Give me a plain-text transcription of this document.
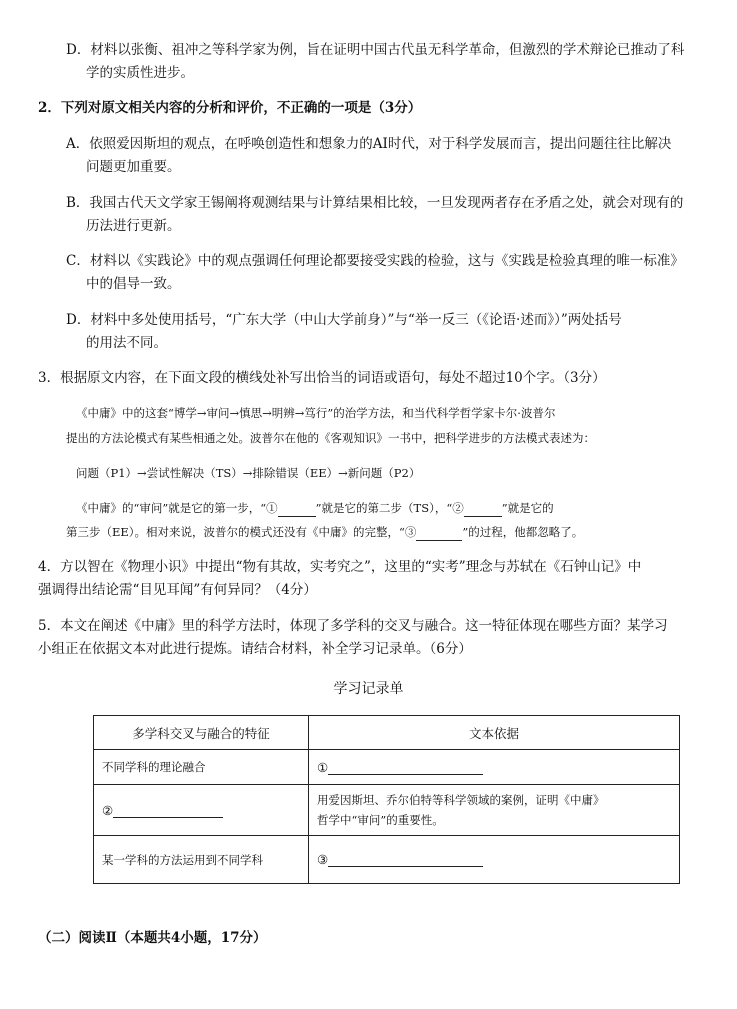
D．材料以张衡、祖冲之等科学家为例，旨在证明中国古代虽无科学革命，但激烈的学术辩论已推动了科
学的实质性进步。
2．下列对原文相关内容的分析和评价，不正确的一项是（3分）
A．依照爱因斯坦的观点，在呼唤创造性和想象力的AI时代，对于科学发展而言，提出问题往往比解决
问题更加重要。
B．我国古代天文学家王锡阐将观测结果与计算结果相比较，一旦发现两者存在矛盾之处，就会对现有的
历法进行更新。
C．材料以《实践论》中的观点强调任何理论都要接受实践的检验，这与《实践是检验真理的唯一标准》
中的倡导一致。
D．材料中多处使用括号，“广东大学（中山大学前身）”与“举一反三（《论语·述而》）”两处括号
的用法不同。
3．根据原文内容，在下面文段的横线处补写出恰当的词语或语句，每处不超过10个字。（3分）
《中庸》中的这套“博学→审问→慎思→明辨→笃行”的治学方法，和当代科学哲学家卡尔·波普尔
提出的方法论模式有某些相通之处。波普尔在他的《客观知识》一书中，把科学进步的方法模式表述为：
问题（P1）→尝试性解决（TS）→排除错误（EE）→新问题（P2）
《中庸》的“审问”就是它的第一步，“①	”就是它的第二步（TS），“②	”就是它的
第三步（EE）。相对来说，波普尔的模式还没有《中庸》的完整，“③	”的过程，他都忽略了。
4．方以智在《物理小识》中提出“物有其故，实考究之”，这里的“实考”理念与苏轼在《石钟山记》中
强调得出结论需“目见耳闻”有何异同？（4分）
5．本文在阐述《中庸》里的科学方法时，体现了多学科的交叉与融合。这一特征体现在哪些方面？某学习
小组正在依据文本对此进行提炼。请结合材料，补全学习记录单。（6分）
学习记录单
多学科交叉与融合的特征	文本依据
不同学科的理论融合	①
②	用爱因斯坦、乔尔伯特等科学领域的案例，证明《中庸》
哲学中“审问”的重要性。

某一学科的方法运用到不同学科	③
（二）阅读Ⅱ（本题共4小题，17分）
